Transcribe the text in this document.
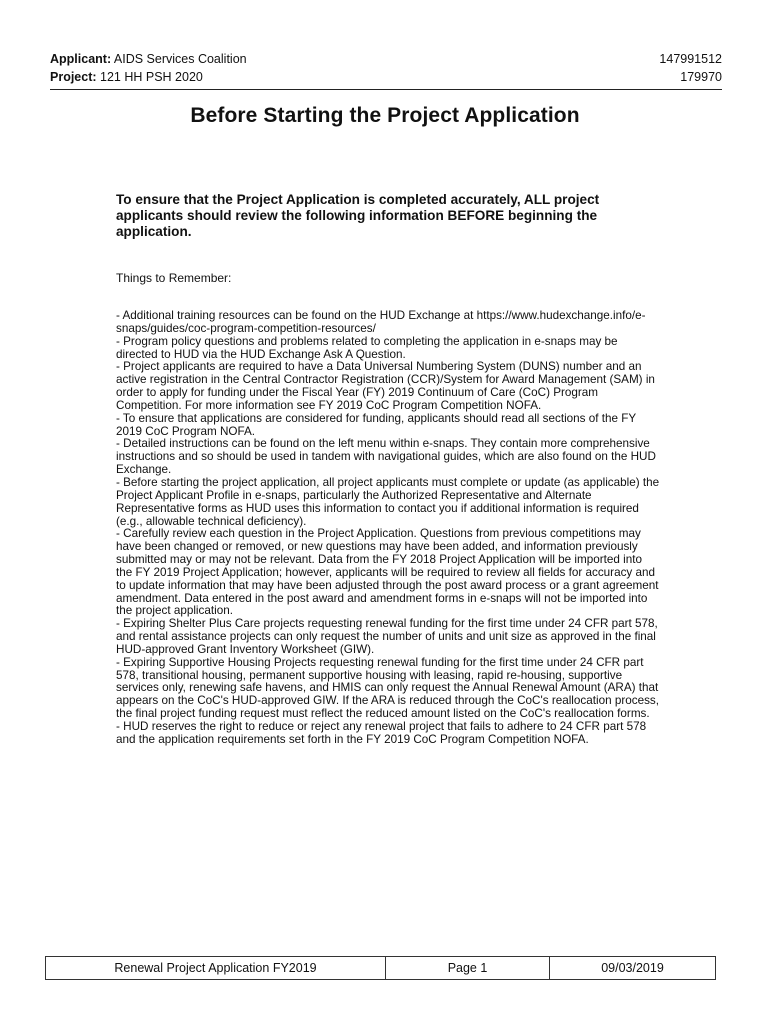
Applicant: AIDS Services Coalition	147991512
Project: 121 HH PSH 2020	179970
Before Starting the Project Application
To ensure that the Project Application is completed accurately, ALL project applicants should review the following information BEFORE beginning the application.
Things to Remember:

- Additional training resources can be found on the HUD Exchange at https://www.hudexchange.info/e-snaps/guides/coc-program-competition-resources/

- Program policy questions and problems related to completing the application in e-snaps may be directed to HUD via the HUD Exchange Ask A Question.

- Project applicants are required to have a Data Universal Numbering System (DUNS) number and an active registration in the Central Contractor Registration (CCR)/System for Award Management (SAM) in order to apply for funding under the Fiscal Year (FY) 2019 Continuum of Care (CoC) Program Competition. For more information see FY 2019 CoC Program Competition NOFA.

- To ensure that applications are considered for funding, applicants should read all sections of the FY 2019 CoC Program NOFA.

- Detailed instructions can be found on the left menu within e-snaps. They contain more comprehensive instructions and so should be used in tandem with navigational guides, which are also found on the HUD Exchange.

- Before starting the project application, all project applicants must complete or update (as applicable) the Project Applicant Profile in e-snaps, particularly the Authorized Representative and Alternate Representative forms as HUD uses this information to contact you if additional information is required (e.g., allowable technical deficiency).

- Carefully review each question in the Project Application. Questions from previous competitions may have been changed or removed, or new questions may have been added, and information previously submitted may or may not be relevant. Data from the FY 2018 Project Application will be imported into the FY 2019 Project Application; however, applicants will be required to review all fields for accuracy and to update information that may have been adjusted through the post award process or a grant agreement amendment. Data entered in the post award and amendment forms in e-snaps will not be imported into the project application.

- Expiring Shelter Plus Care projects requesting renewal funding for the first time under 24 CFR part 578, and rental assistance projects can only request the number of units and unit size as approved in the final HUD-approved Grant Inventory Worksheet (GIW).

- Expiring Supportive Housing Projects requesting renewal funding for the first time under 24 CFR part 578, transitional housing, permanent supportive housing with leasing, rapid re-housing, supportive services only, renewing safe havens, and HMIS can only request the Annual Renewal Amount (ARA) that appears on the CoC's HUD-approved GIW. If the ARA is reduced through the CoC's reallocation process, the final project funding request must reflect the reduced amount listed on the CoC's reallocation forms.

- HUD reserves the right to reduce or reject any renewal project that fails to adhere to 24 CFR part 578 and the application requirements set forth in the FY 2019 CoC Program Competition NOFA.

Renewal Project Application FY2019	Page 1	09/03/2019
